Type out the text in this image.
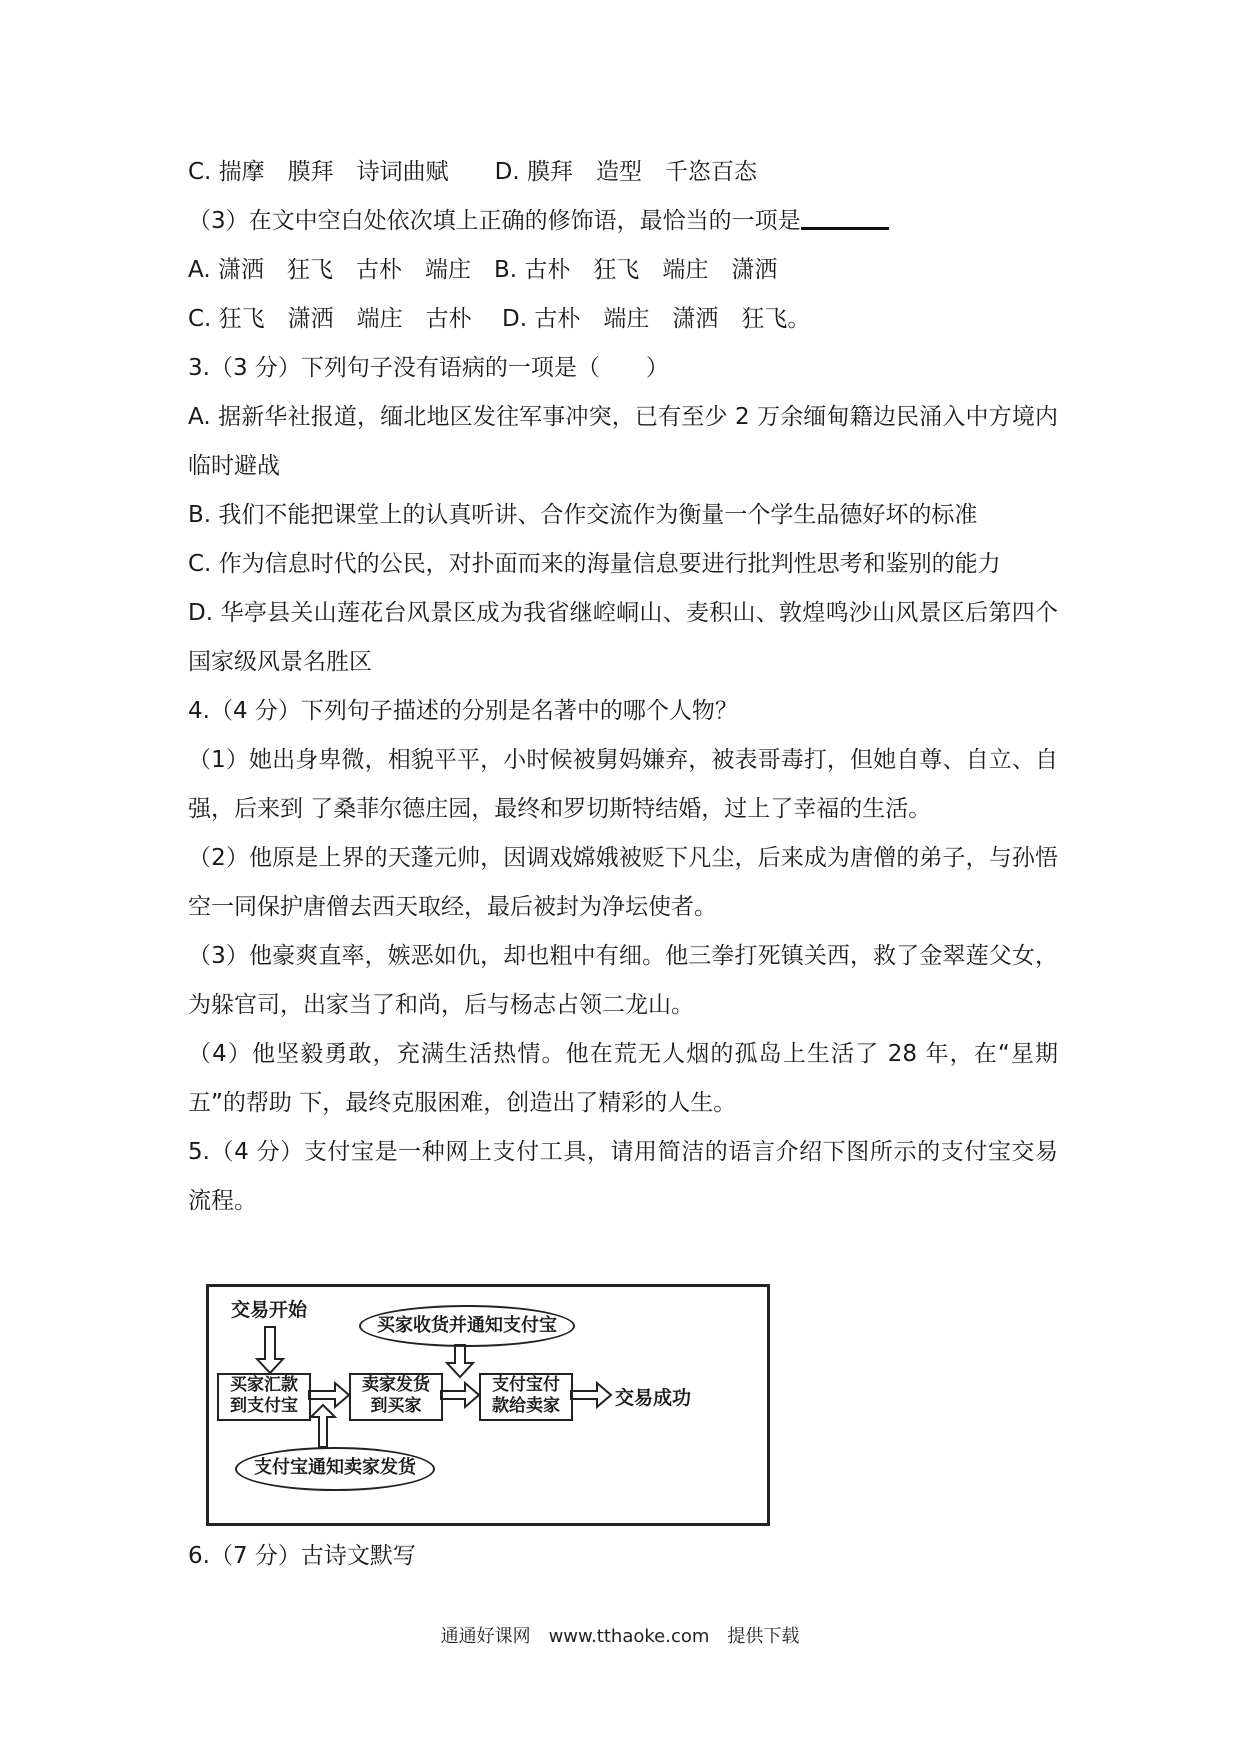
C. 揣摩　膜拜　诗词曲赋　　D. 膜拜　造型　千恣百态
（3）在文中空白处依次填上正确的修饰语，最恰当的一项是
A. 潇洒　狂飞　古朴　端庄　B. 古朴　狂飞　端庄　潇洒
C. 狂飞　潇洒　端庄　古朴　 D. 古朴　端庄　潇洒　狂飞。
3.（3 分）下列句子没有语病的一项是（　　）
A. 据新华社报道，缅北地区发往军事冲突，已有至少 2 万余缅甸籍边民涌入中方境内临时避战
B. 我们不能把课堂上的认真听讲、合作交流作为衡量一个学生品德好坏的标准
C. 作为信息时代的公民，对扑面而来的海量信息要进行批判性思考和鉴别的能力
D. 华亭县关山莲花台风景区成为我省继崆峒山、麦积山、敦煌鸣沙山风景区后第四个国家级风景名胜区
4.（4 分）下列句子描述的分别是名著中的哪个人物？
（1）她出身卑微，相貌平平，小时候被舅妈嫌弃，被表哥毒打，但她自尊、自立、自强，后来到 了桑菲尔德庄园，最终和罗切斯特结婚，过上了幸福的生活。
（2）他原是上界的天蓬元帅，因调戏嫦娥被贬下凡尘，后来成为唐僧的弟子，与孙悟空一同保护唐僧去西天取经，最后被封为净坛使者。
（3）他豪爽直率，嫉恶如仇，却也粗中有细。他三拳打死镇关西，救了金翠莲父女，为躲官司，出家当了和尚，后与杨志占领二龙山。
（4）他坚毅勇敢，充满生活热情。他在荒无人烟的孤岛上生活了 28 年，在“星期五”的帮助 下，最终克服困难，创造出了精彩的人生。
5.（4 分）支付宝是一种网上支付工具，请用简洁的语言介绍下图所示的支付宝交易流程。
交易开始
买家收货并通知支付宝
买家汇款
到支付宝
卖家发货
到买家
支付宝付
款给卖家	交易成功
支付宝通知卖家发货
6.（7 分）古诗文默写
通通好课网　www.tthaoke.com　提供下载
